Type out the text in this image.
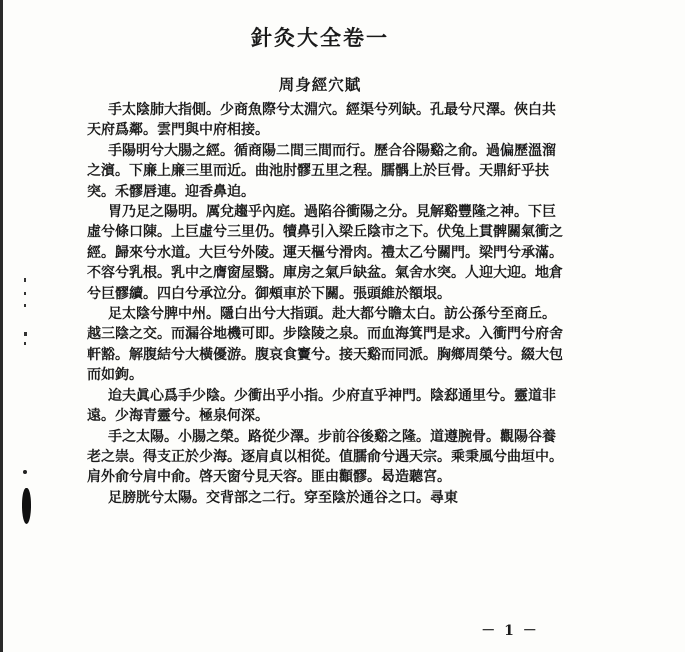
針灸大全卷一
周身經穴賦

手太陰肺大指側。少商魚際兮太淵穴。經渠兮列缺。孔最兮尺澤。俠白共天府爲鄰。雲門與中府相接。

手陽明兮大腸之經。循商陽二間三間而行。歷合谷陽谿之俞。過偏歷溫溜之濱。下廉上廉三里而近。曲池肘髎五里之程。臑髃上於巨骨。天鼎紆乎扶突。禾髎唇連。迎香鼻迫。

胃乃足之陽明。厲兌趨乎內庭。過陷谷衝陽之分。見解谿豐隆之神。下巨虛兮條口陳。上巨虛兮三里仍。犢鼻引入梁丘陰市之下。伏兔上貫髀關氣衝之經。歸來兮水道。大巨兮外陵。運天樞兮滑肉。禮太乙兮關門。梁門兮承滿。不容兮乳根。乳中之膺窗屋翳。庫房之氣戶缺盆。氣舍水突。人迎大迎。地倉兮巨髎續。四白兮承泣分。御頰車於下關。張頭維於額垠。

足太陰兮脾中州。隱白出兮大指頭。赴大都兮瞻太白。訪公孫兮至商丘。越三陰之交。而漏谷地機可即。步陰陵之泉。而血海箕門是求。入衝門兮府舍軒豁。解腹結兮大橫優游。腹哀食竇兮。接天谿而同派。胸鄉周榮兮。綴大包而如鉤。

迨夫眞心爲手少陰。少衝出乎小指。少府直乎神門。陰郄通里兮。靈道非遠。少海青靈兮。極泉何深。

手之太陽。小腸之榮。路從少澤。步前谷後谿之隆。道遵腕骨。觀陽谷養老之崇。得支正於少海。逐肩貞以相從。值臑俞兮遇天宗。乘秉風兮曲垣中。肩外俞兮肩中俞。啓天窗兮見天容。匪由顴髎。曷造聽宮。

足膀胱兮太陽。交背部之二行。穿至陰於通谷之口。尋東

－ 1 －
